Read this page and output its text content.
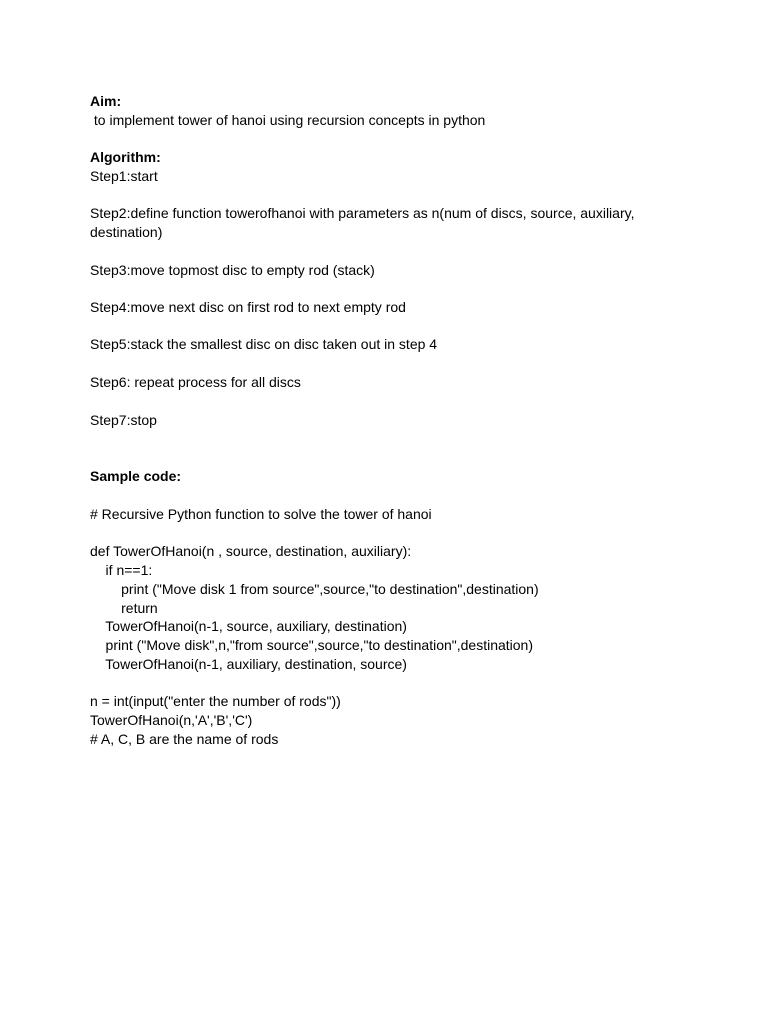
Aim:
to implement tower of hanoi using recursion concepts in python
Algorithm:
Step1:start
Step2:define function towerofhanoi with parameters as n(num of discs, source, auxiliary,
destination)
Step3:move topmost disc to empty rod (stack)
Step4:move next disc on first rod to next empty rod
Step5:stack the smallest disc on disc taken out in step 4
Step6: repeat process for all discs
Step7:stop
Sample code:
# Recursive Python function to solve the tower of hanoi
def TowerOfHanoi(n , source, destination, auxiliary):
if n==1:
print ("Move disk 1 from source",source,"to destination",destination)
return
TowerOfHanoi(n-1, source, auxiliary, destination)
print ("Move disk",n,"from source",source,"to destination",destination)
TowerOfHanoi(n-1, auxiliary, destination, source)
n = int(input("enter the number of rods"))
TowerOfHanoi(n,'A','B','C')
# A, C, B are the name of rods
